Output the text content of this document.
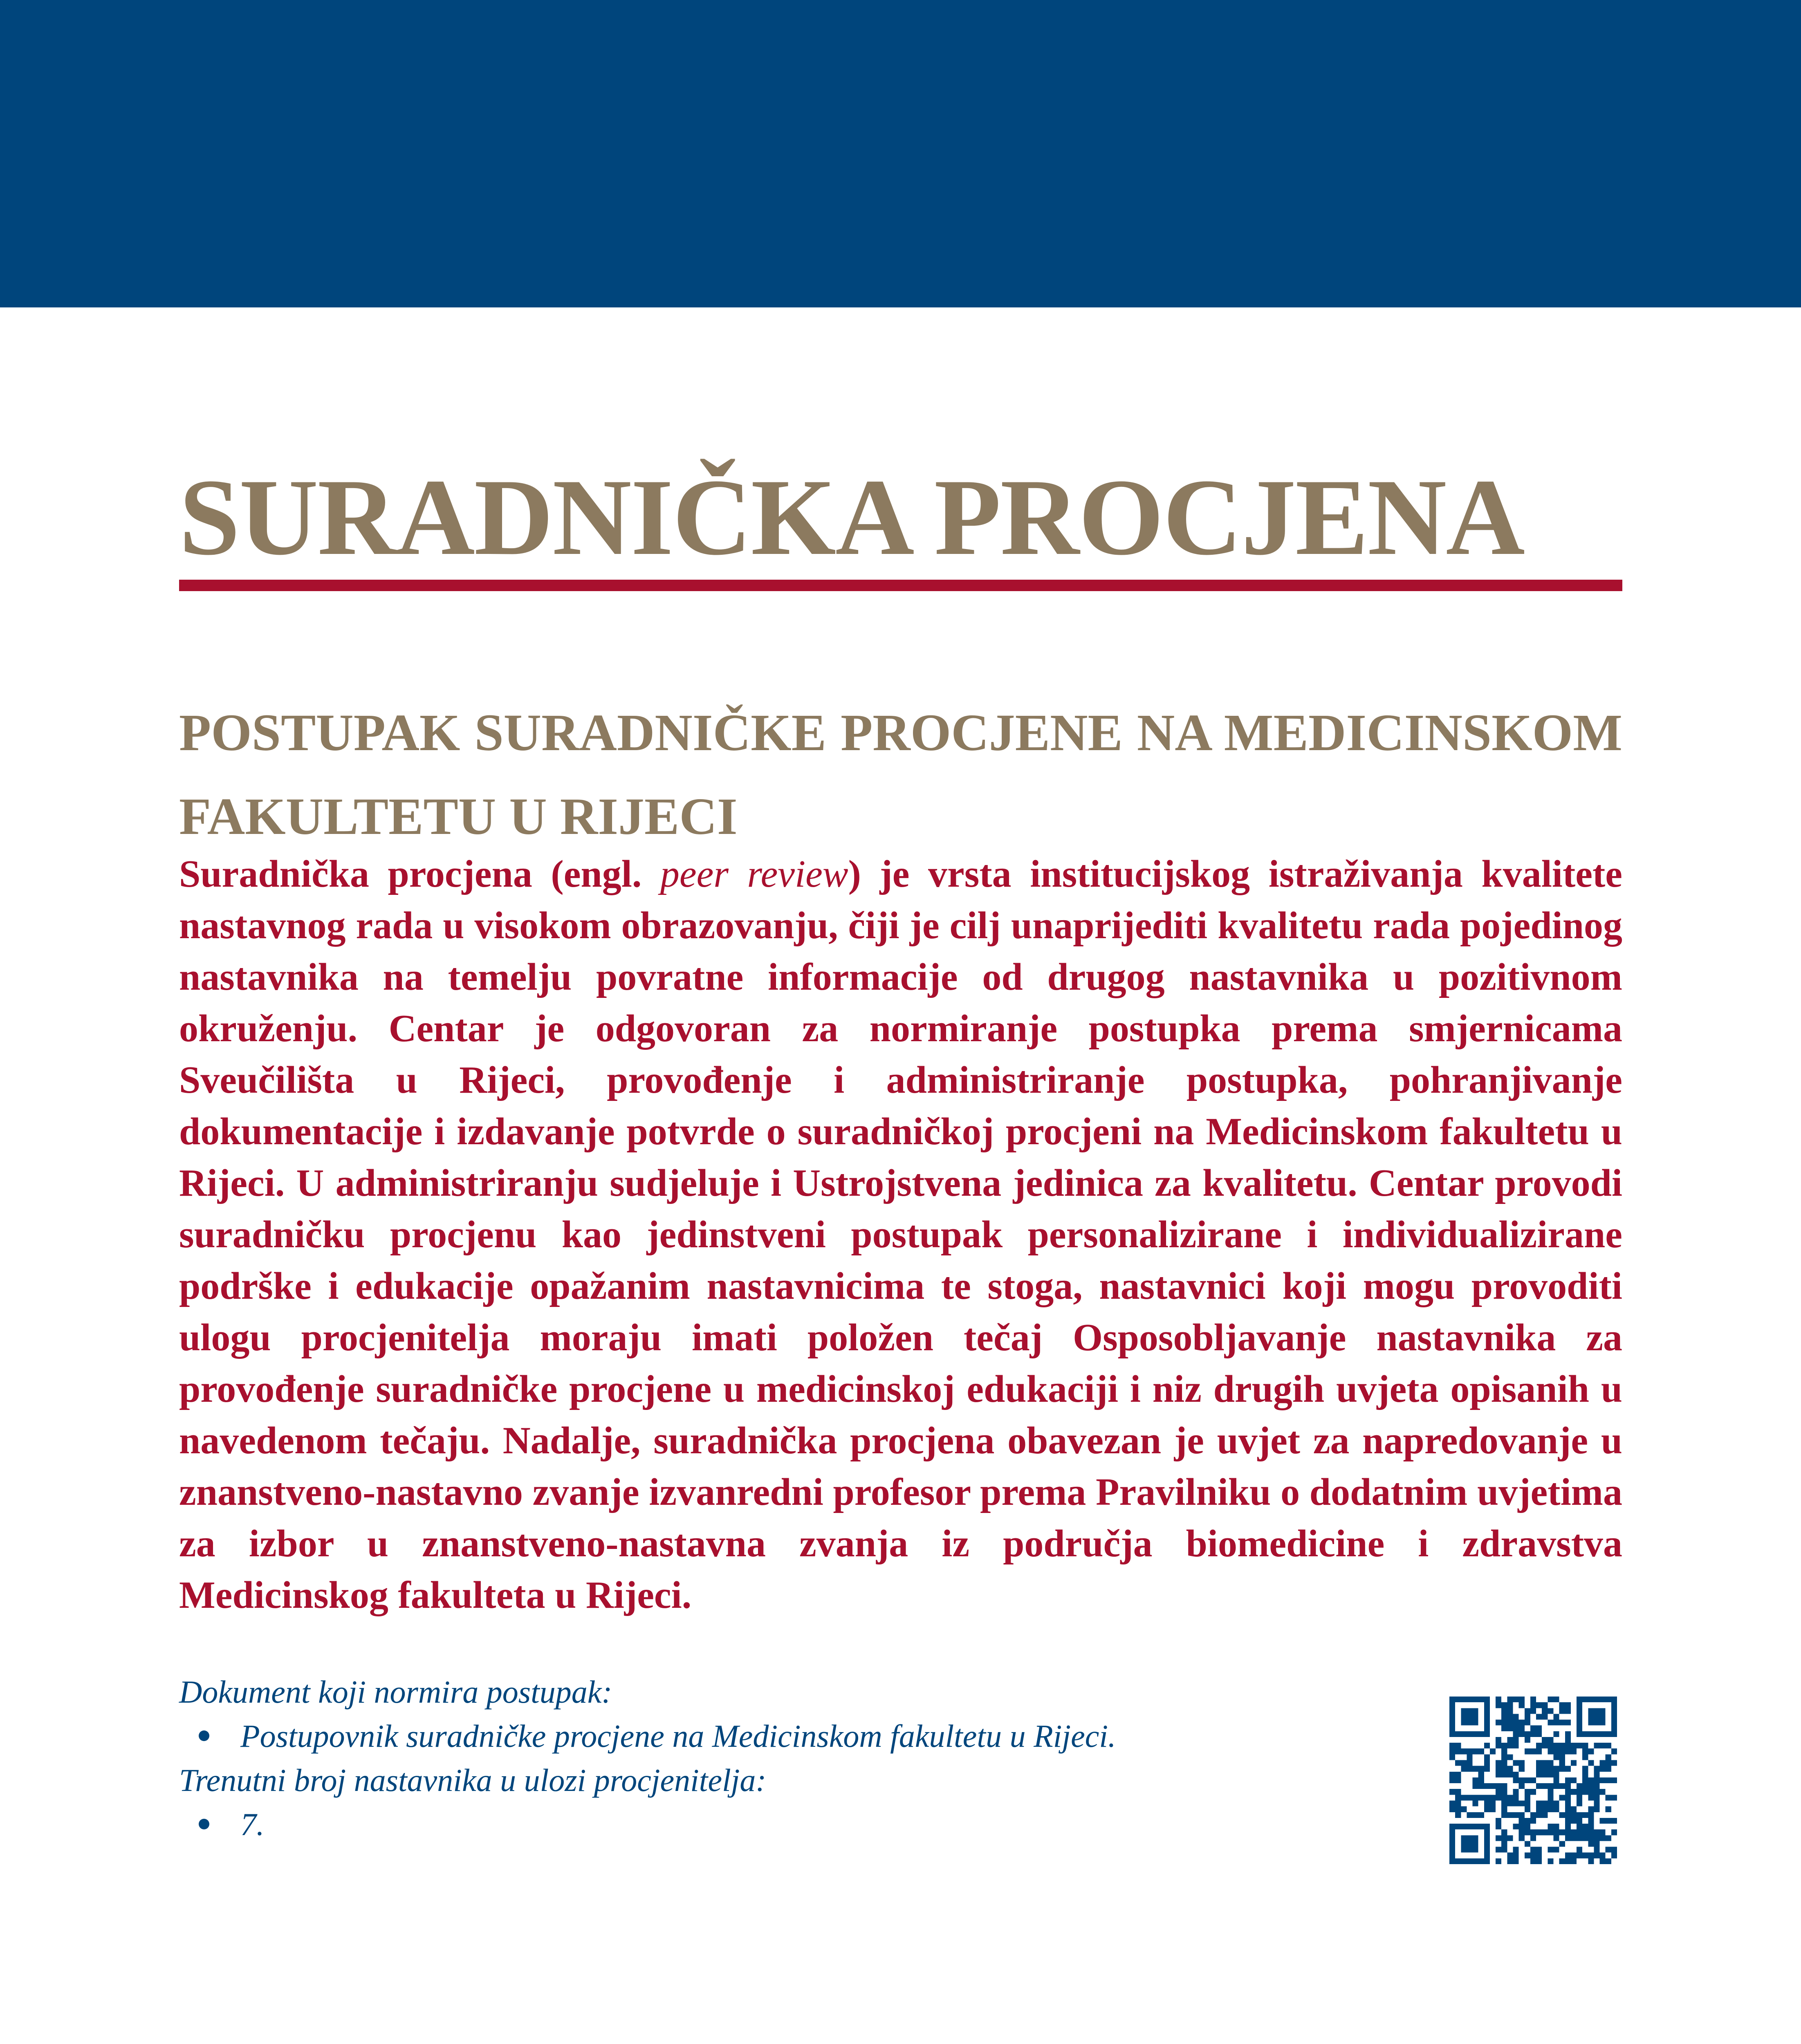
SURADNIČKA PROCJENA
POSTUPAK SURADNIČKE PROCJENE NA MEDICINSKOM FAKULTETU U RIJECI

Suradnička procjena (engl. peer review) je vrsta institucijskog istraživanja kvalitete nastavnog rada u visokom obrazovanju, čiji je cilj unaprijediti kvalitetu rada pojedinog nastavnika na temelju povratne informacije od drugog nastavnika u pozitivnom okruženju. Centar je odgovoran za normiranje postupka prema smjernicama Sveučilišta u Rijeci, provođenje i administriranje postupka, pohranjivanje dokumentacije i izdavanje potvrde o suradničkoj procjeni na Medicinskom fakultetu u Rijeci. U administriranju sudjeluje i Ustrojstvena jedinica za kvalitetu. Centar provodi suradničku procjenu kao jedinstveni postupak personalizirane i individualizirane podrške i edukacije opažanim nastavnicima te stoga, nastavnici koji mogu provoditi ulogu procjenitelja moraju imati položen tečaj Osposobljavanje nastavnika za provođenje suradničke procjene u medicinskoj edukaciji i niz drugih uvjeta opisanih u navedenom tečaju. Nadalje, suradnička procjena obavezan je uvjet za napredovanje u znanstveno-nastavno zvanje izvanredni profesor prema Pravilniku o dodatnim uvjetima za izbor u znanstveno-nastavna zvanja iz područja biomedicine i zdravstva Medicinskog fakulteta u Rijeci.

Dokument koji normira postupak:
Postupovnik suradničke procjene na Medicinskom fakultetu u Rijeci.
Trenutni broj nastavnika u ulozi procjenitelja:
7.
